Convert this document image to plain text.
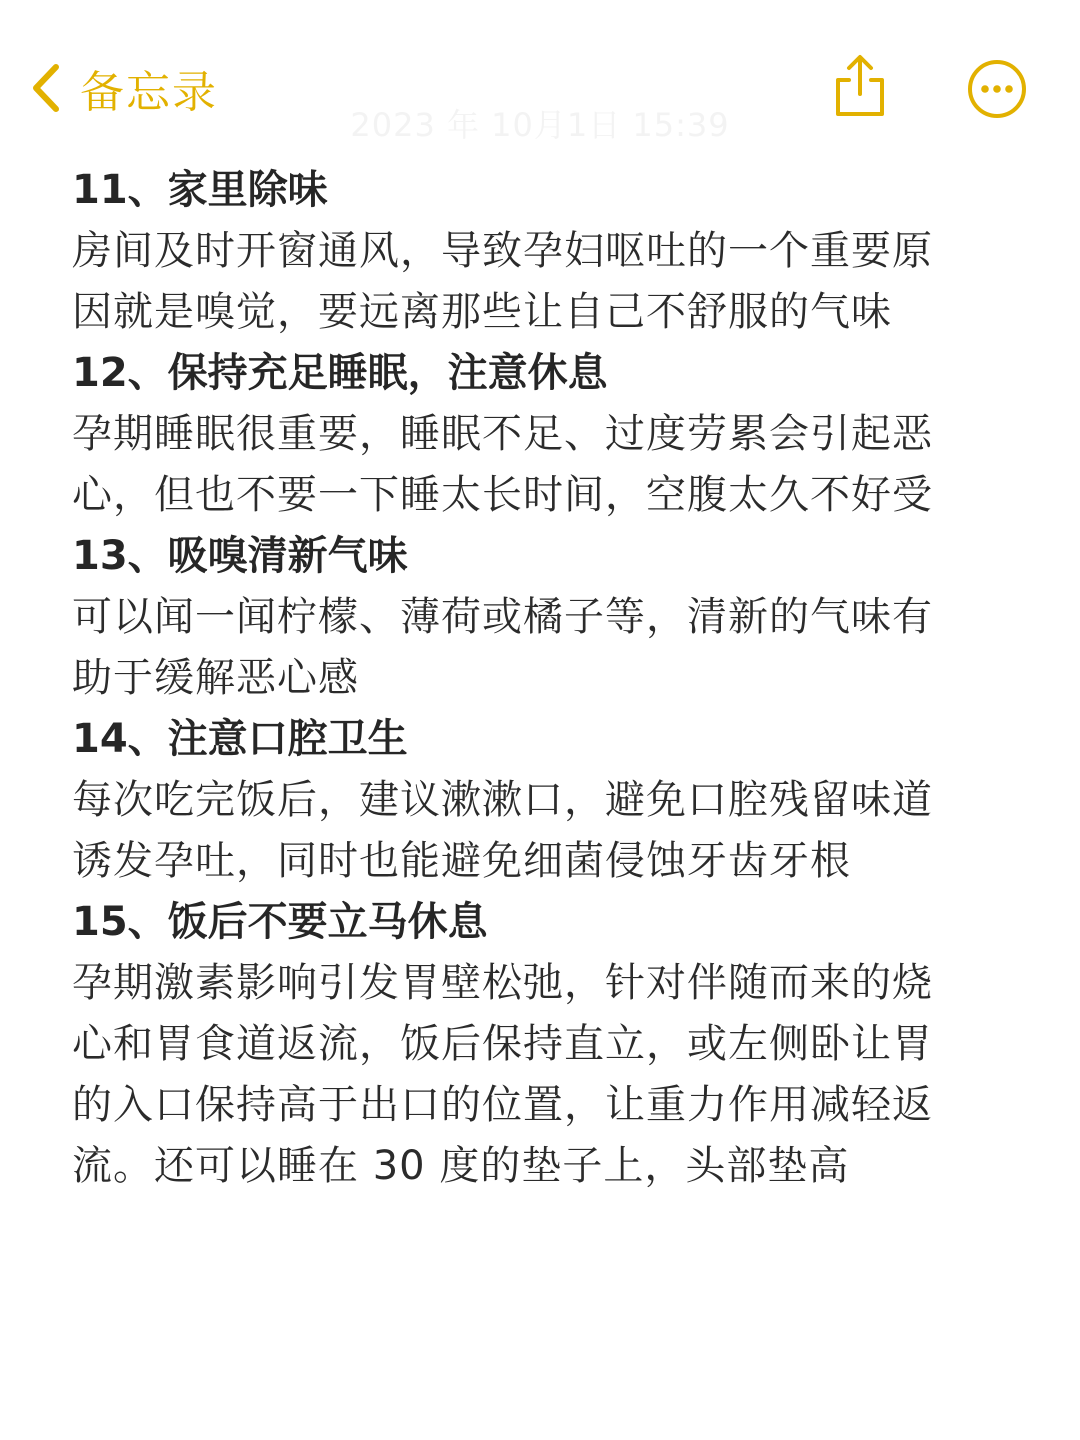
备忘录
2023 年 10月1日 15:39
11、家里除味
房间及时开窗通风，导致孕妇呕吐的一个重要原
因就是嗅觉，要远离那些让自己不舒服的气味
12、保持充足睡眠，注意休息
孕期睡眠很重要，睡眠不足、过度劳累会引起恶
心，但也不要一下睡太长时间，空腹太久不好受
13、吸嗅清新气味
可以闻一闻柠檬、薄荷或橘子等，清新的气味有
助于缓解恶心感
14、注意口腔卫生
每次吃完饭后，建议漱漱口，避免口腔残留味道
诱发孕吐，同时也能避免细菌侵蚀牙齿牙根
15、饭后不要立马休息
孕期激素影响引发胃壁松弛，针对伴随而来的烧
心和胃食道返流，饭后保持直立，或左侧卧让胃
的入口保持高于出口的位置，让重力作用减轻返
流。还可以睡在 30 度的垫子上，头部垫高
